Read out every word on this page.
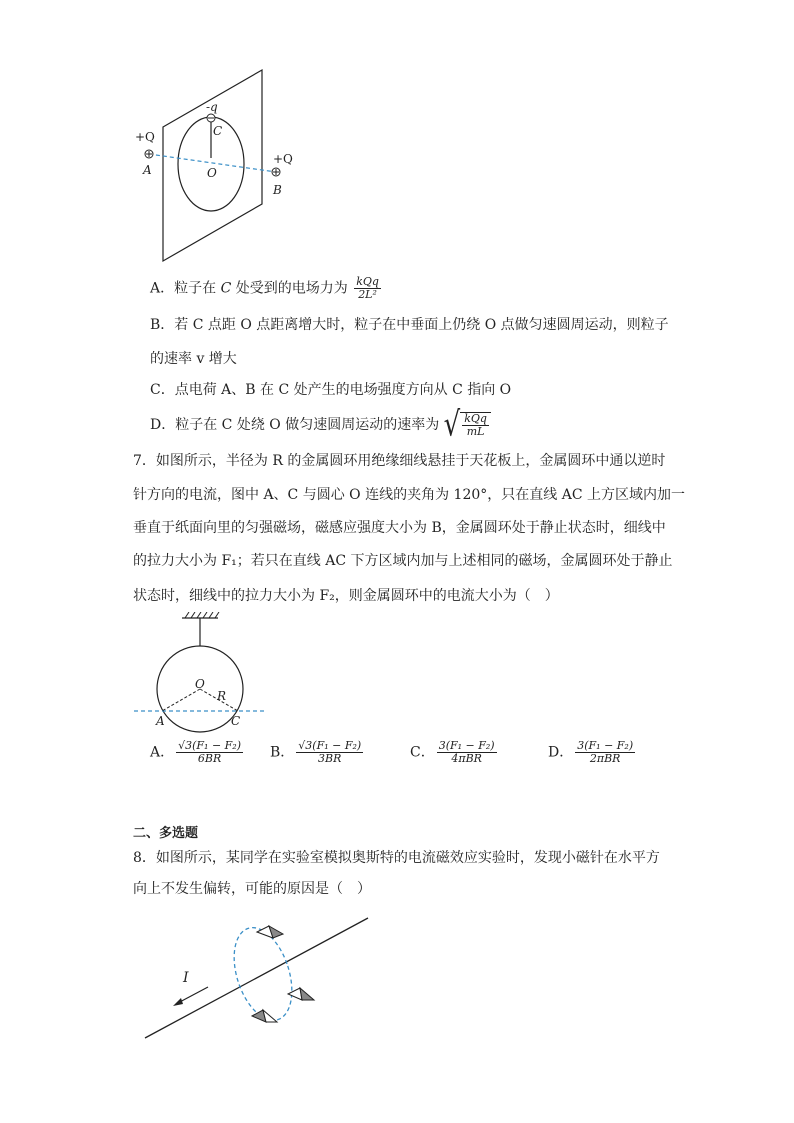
-q
C
+Q
A	O
+Q
B
A．粒子在 C 处受到的电场力为 $\frac{\text{kQq}}{\text{2L²}}$
B．若 C 点距 O 点距离增大时，粒子在中垂面上仍绕 O 点做匀速圆周运动，则粒子
的速率 v 增大
C．点电荷 A、B 在 C 处产生的电场强度方向从 C 指向 O
D．粒子在 C 处绕 O 做匀速圆周运动的速率为 √ $\frac{\text{kQq}}{mL}$
7．如图所示，半径为 R 的金属圆环用绝缘细线悬挂于天花板上，金属圆环中通以逆时
针方向的电流，图中 A、C 与圆心 O 连线的夹角为 120°，只在直线 AC 上方区域内加一
垂直于纸面向里的匀强磁场，磁感应强度大小为 B，金属圆环处于静止状态时，细线中
的拉力大小为 F₁；若只在直线 AC 下方区域内加与上述相同的磁场，金属圆环处于静止
状态时，细线中的拉力大小为 F₂，则金属圆环中的电流大小为（　）
O
R
A	C
A． $\frac{\text{√3(F₁ − F₂)}}{6BR}$ B． $\frac{\text{√3(F₁ − F₂)}}{3BR}$	C． $\frac{\text{3(F₁ − F₂)}}{\text{4πBR}}$	D． $\frac{\text{3(F₁ − F₂)}}{\text{2πBR}}$
二、多选题
8．如图所示，某同学在实验室模拟奥斯特的电流磁效应实验时，发现小磁针在水平方
向上不发生偏转，可能的原因是（　）
I
